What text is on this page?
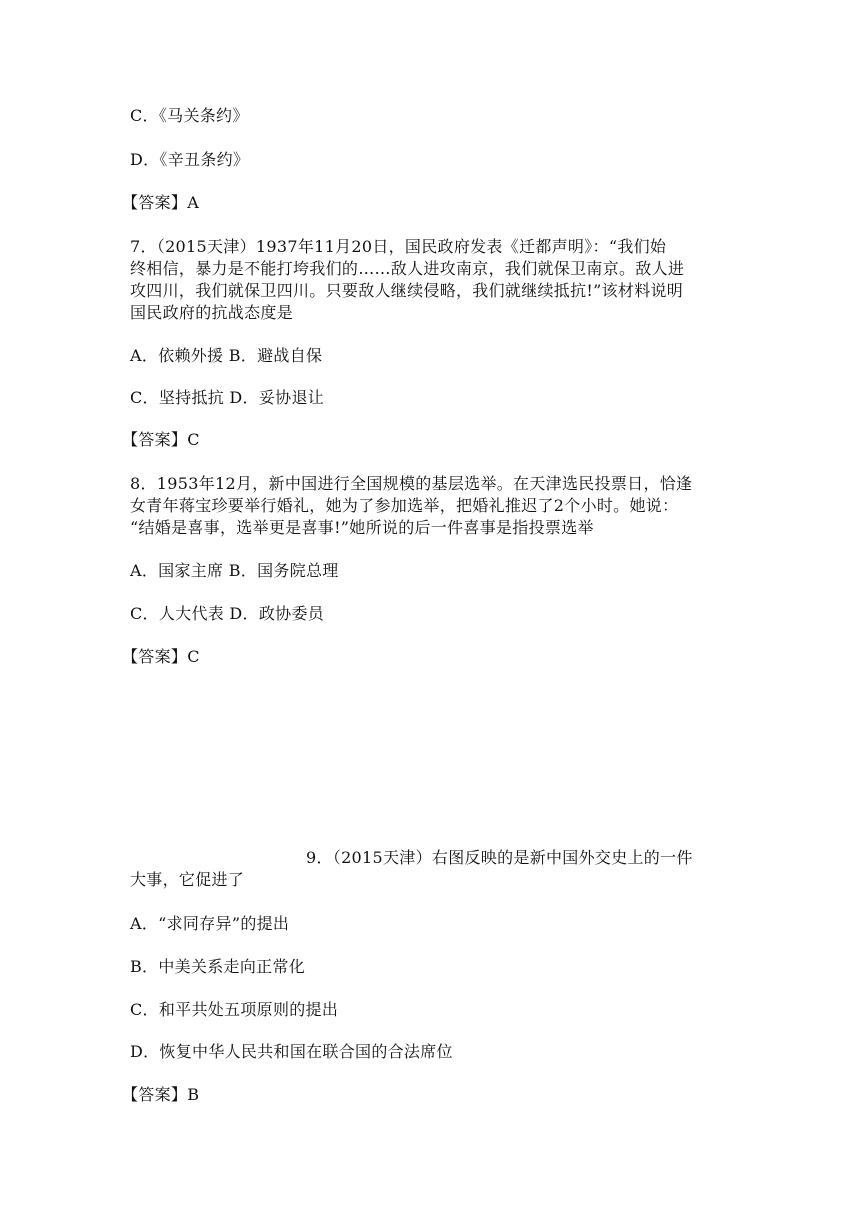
C．《马关条约》
D．《辛丑条约》
【答案】A
7．（2015天津）1937年11月20日，国民政府发表《迁都声明》：“我们始
终相信，暴力是不能打垮我们的……敌人进攻南京，我们就保卫南京。敌人进
攻四川，我们就保卫四川。只要敌人继续侵略，我们就继续抵抗!”该材料说明
国民政府的抗战态度是
A．依赖外援 B．避战自保
C．坚持抵抗 D．妥协退让
【答案】C
8．1953年12月，新中国进行全国规模的基层选举。在天津选民投票日，恰逢
女青年蒋宝珍要举行婚礼，她为了参加选举，把婚礼推迟了2个小时。她说：
“结婚是喜事，选举更是喜事!”她所说的后一件喜事是指投票选举
A．国家主席 B．国务院总理
C．人大代表 D．政协委员
【答案】C
9．（2015天津）右图反映的是新中国外交史上的一件
大事，它促进了
A．“求同存异”的提出
B．中美关系走向正常化
C．和平共处五项原则的提出
D．恢复中华人民共和国在联合国的合法席位
【答案】B
